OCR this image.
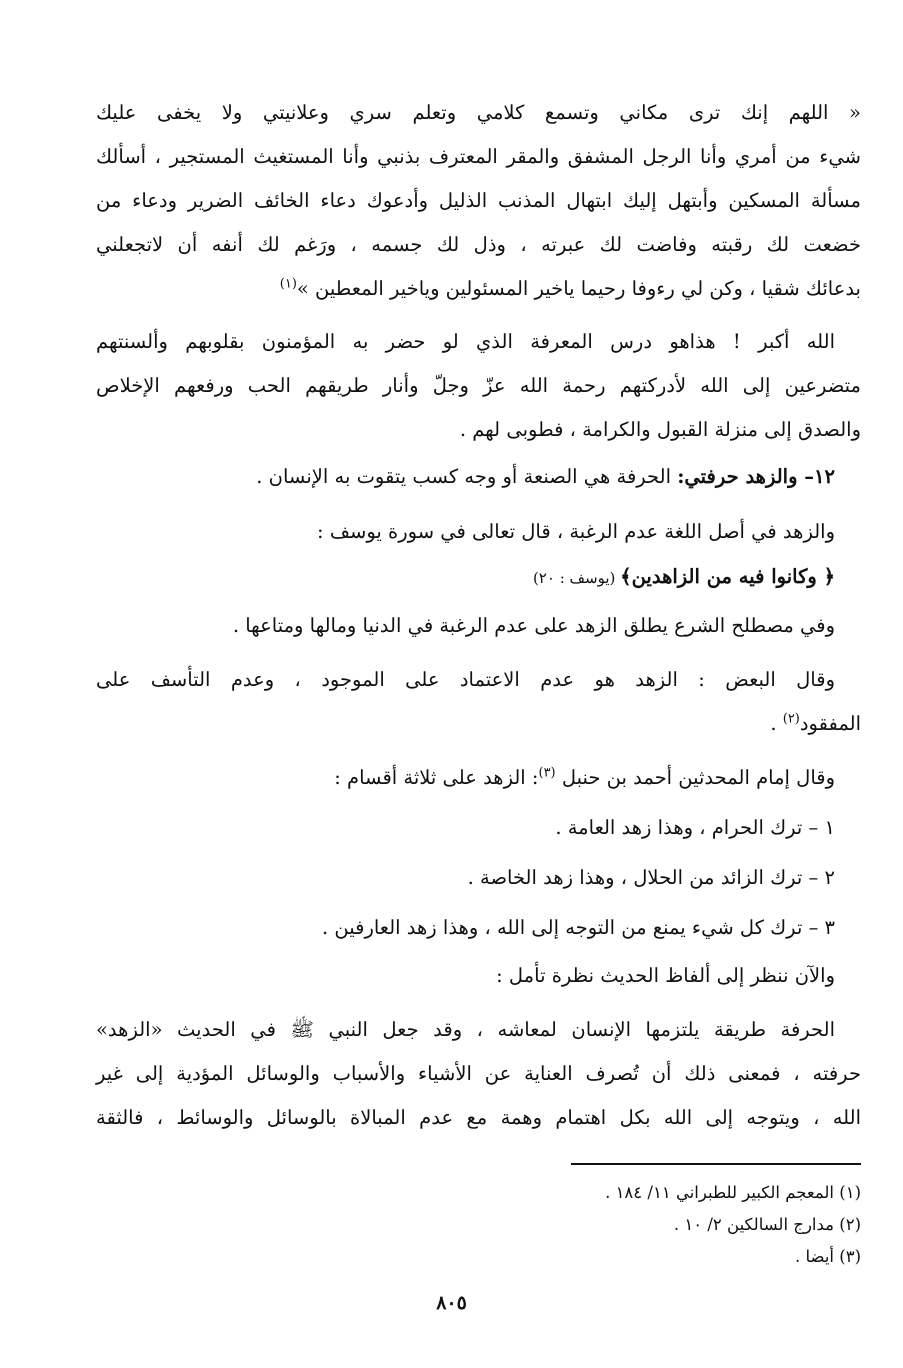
« اللهم إنك ترى مكاني وتسمع كلامي وتعلم سري وعلانيتي ولا يخفى عليك
شيء من أمري وأنا الرجل المشفق والمقر المعترف بذنبي وأنا المستغيث المستجير ، أسألك
مسألة المسكين وأبتهل إليك ابتهال المذنب الذليل وأدعوك دعاء الخائف الضرير ودعاء من
خضعت لك رقبته وفاضت لك عبرته ، وذل لك جسمه ، ورَغم لك أنفه أن لاتجعلني
بدعائك شقيا ، وكن لي رءوفا رحيما ياخير المسئولين وياخير المعطين »$^{(١)}$
الله أكبر ! هذاهو درس المعرفة الذي لو حضر به المؤمنون بقلوبهم وألسنتهم
متضرعين إلى الله لأدركتهم رحمة الله عزّ وجلّ وأنار طريقهم الحب ورفعهم الإخلاص
والصدق إلى منزلة القبول والكرامة ، فطوبى لهم .
١٢– والزهد حرفتي: الحرفة هي الصنعة أو وجه كسب يتقوت به الإنسان .
والزهد في أصل اللغة عدم الرغبة ، قال تعالى في سورة يوسف :
﴿ وكانوا فيه من الزاهدين﴾ (يوسف : ٢٠)
وفي مصطلح الشرع يطلق الزهد على عدم الرغبة في الدنيا ومالها ومتاعها .
وقال البعض : الزهد هو عدم الاعتماد على الموجود ، وعدم التأسف على
المفقود$^{(٢)}$ .
وقال إمام المحدثين أحمد بن حنبل $^{(٣)}$: الزهد على ثلاثة أقسام :
١ – ترك الحرام ، وهذا زهد العامة .
٢ – ترك الزائد من الحلال ، وهذا زهد الخاصة .
٣ – ترك كل شيء يمنع من التوجه إلى الله ، وهذا زهد العارفين .
والآن ننظر إلى ألفاظ الحديث نظرة تأمل :
الحرفة طريقة يلتزمها الإنسان لمعاشه ، وقد جعل النبي ﷺ في الحديث «الزهد»
حرفته ، فمعنى ذلك أن تُصرف العناية عن الأشياء والأسباب والوسائل المؤدية إلى غير
الله ، ويتوجه إلى الله بكل اهتمام وهمة مع عدم المبالاة بالوسائل والوسائط ، فالثقة
(١) المعجم الكبير للطبراني ١١/ ١٨٤ .
(٢) مدارج السالكين ٢/ ١٠ .
(٣) أيضا .
٨٠٥
